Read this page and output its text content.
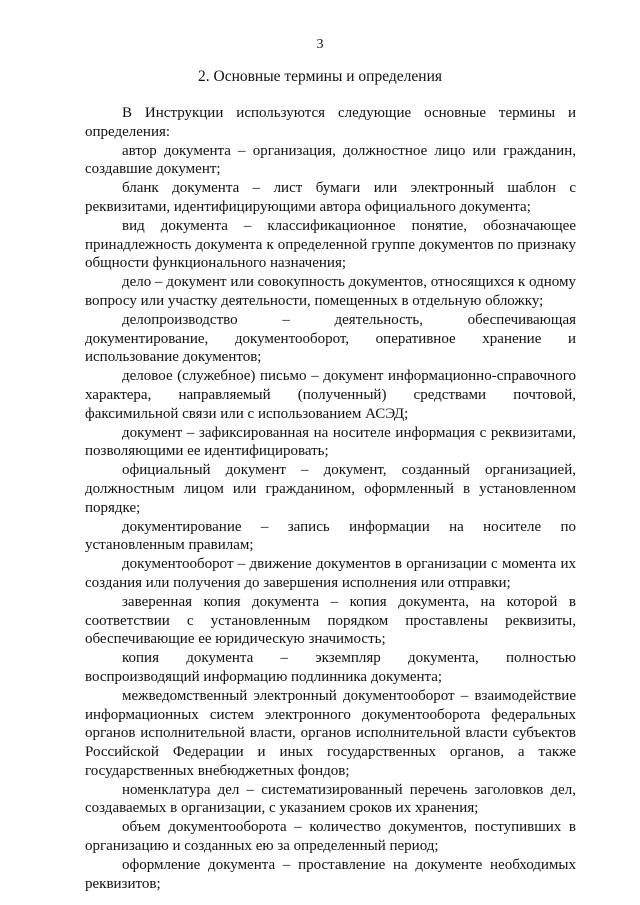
3
2. Основные термины и определения

В Инструкции используются следующие основные термины и определения:

автор документа – организация, должностное лицо или гражданин, создавшие документ;

бланк документа – лист бумаги или электронный шаблон с реквизитами, идентифицирующими автора официального документа;

вид документа – классификационное понятие, обозначающее принадлежность документа к определенной группе документов по признаку общности функционального назначения;

дело – документ или совокупность документов, относящихся к одному вопросу или участку деятельности, помещенных в отдельную обложку;

делопроизводство – деятельность, обеспечивающая документирование, документооборот, оперативное хранение и использование документов;

деловое (служебное) письмо – документ информационно-справочного характера, направляемый (полученный) средствами почтовой, факсимильной связи или с использованием АСЭД;

документ – зафиксированная на носителе информация с реквизитами, позволяющими ее идентифицировать;

официальный документ – документ, созданный организацией, должностным лицом или гражданином, оформленный в установленном порядке;

документирование – запись информации на носителе по установленным правилам;

документооборот – движение документов в организации с момента их создания или получения до завершения исполнения или отправки;

заверенная копия документа – копия документа, на которой в соответствии с установленным порядком проставлены реквизиты, обеспечивающие ее юридическую значимость;

копия документа – экземпляр документа, полностью воспроизводящий информацию подлинника документа;

межведомственный электронный документооборот – взаимодействие информационных систем электронного документооборота федеральных органов исполнительной власти, органов исполнительной власти субъектов Российской Федерации и иных государственных органов, а также государственных внебюджетных фондов;

номенклатура дел – систематизированный перечень заголовков дел, создаваемых в организации, с указанием сроков их хранения;

объем документооборота – количество документов, поступивших в организацию и созданных ею за определенный период;

оформление документа – проставление на документе необходимых реквизитов;
